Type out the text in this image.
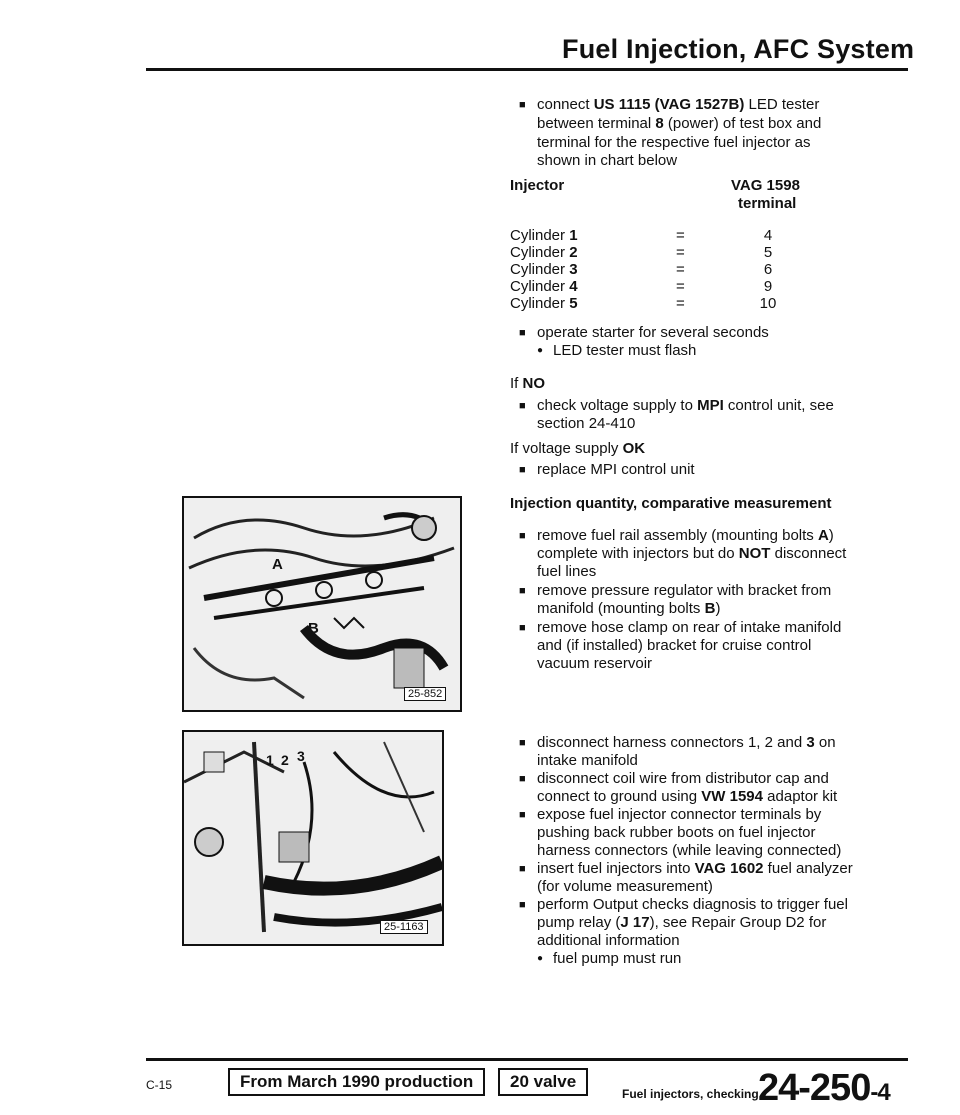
Fuel Injection, AFC System
■ connect US 1115 (VAG 1527B) LED tester
between terminal 8 (power) of test box and
terminal for the respective fuel injector as
shown in chart below
Injector	VAG 1598
terminal
Cylinder 1	=	4
Cylinder 2	=	5
Cylinder 3	=	6
Cylinder 4	=	9
Cylinder 5	=	10
■ operate starter for several seconds
● LED tester must flash
If NO
■ check voltage supply to MPI control unit, see
section 24-410
If voltage supply OK
■ replace MPI control unit
Injection quantity, comparative measurement
■ remove fuel rail assembly (mounting bolts A)
complete with injectors but do NOT disconnect
fuel lines
■ remove pressure regulator with bracket from
manifold (mounting bolts B)
■ remove hose clamp on rear of intake manifold
and (if installed) bracket for cruise control
vacuum reservoir
■ disconnect harness connectors 1, 2 and 3 on
intake manifold
■ disconnect coil wire from distributor cap and
connect to ground using VW 1594 adaptor kit
■ expose fuel injector connector terminals by
pushing back rubber boots on fuel injector
harness connectors (while leaving connected)
■ insert fuel injectors into VAG 1602 fuel analyzer
(for volume measurement)
■ perform Output checks diagnosis to trigger fuel
pump relay (J 17), see Repair Group D2 for
additional information
● fuel pump must run
A
B
25-852
1 2 3
25-1163
C-15	From March 1990 production	20 valve
Fuel injectors, checking 24-250-4
